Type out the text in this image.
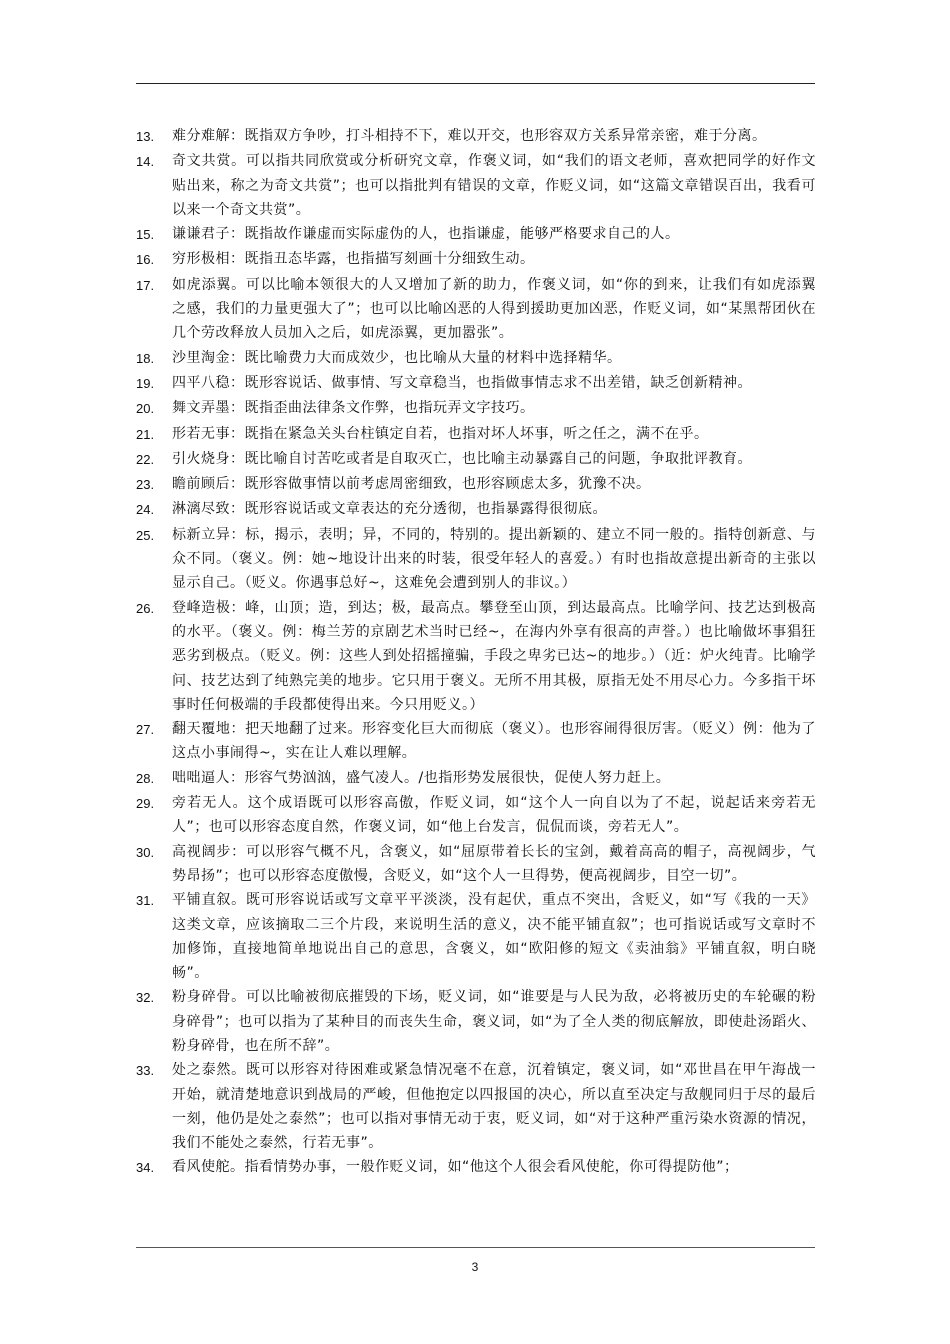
13.	难分难解：既指双方争吵，打斗相持不下，难以开交，也形容双方关系异常亲密，难于分离。
14.	奇文共赏。可以指共同欣赏或分析研究文章，作褒义词，如“我们的语文老师，喜欢把同学的好作文贴出来，称之为奇文共赏”；也可以指批判有错误的文章，作贬义词，如“这篇文章错误百出，我看可以来一个奇文共赏”。
15.	谦谦君子：既指故作谦虚而实际虚伪的人，也指谦虚，能够严格要求自己的人。
16.	穷形极相：既指丑态毕露，也指描写刻画十分细致生动。
17.	如虎添翼。可以比喻本领很大的人又增加了新的助力，作褒义词，如“你的到来，让我们有如虎添翼之感，我们的力量更强大了”；也可以比喻凶恶的人得到援助更加凶恶，作贬义词，如“某黑帮团伙在几个劳改释放人员加入之后，如虎添翼，更加嚣张”。
18.	沙里淘金：既比喻费力大而成效少，也比喻从大量的材料中选择精华。
19.	四平八稳：既形容说话、做事情、写文章稳当，也指做事情志求不出差错，缺乏创新精神。
20.	舞文弄墨：既指歪曲法律条文作弊，也指玩弄文字技巧。
21.	形若无事：既指在紧急关头台柱镇定自若，也指对坏人坏事，听之任之，满不在乎。
22.	引火烧身：既比喻自讨苦吃或者是自取灭亡，也比喻主动暴露自己的问题，争取批评教育。
23.	瞻前顾后：既形容做事情以前考虑周密细致，也形容顾虑太多，犹豫不决。
24.	淋漓尽致：既形容说话或文章表达的充分透彻，也指暴露得很彻底。
25.	标新立异：标，揭示，表明；异，不同的，特别的。提出新颖的、建立不同一般的。指特创新意、与众不同。（褒义。例：她~地设计出来的时装，很受年轻人的喜爱。）有时也指故意提出新奇的主张以显示自己。（贬义。你遇事总好~，这难免会遭到别人的非议。）
26.	登峰造极：峰，山顶；造，到达；极，最高点。攀登至山顶，到达最高点。比喻学问、技艺达到极高的水平。（褒义。例：梅兰芳的京剧艺术当时已经~，在海内外享有很高的声誉。）也比喻做坏事猖狂恶劣到极点。（贬义。例：这些人到处招摇撞骗，手段之卑劣已达~的地步。）（近：炉火纯青。比喻学问、技艺达到了纯熟完美的地步。它只用于褒义。无所不用其极，原指无处不用尽心力。今多指干坏事时任何极端的手段都使得出来。今只用贬义。）
27.	翻天覆地：把天地翻了过来。形容变化巨大而彻底（褒义）。也形容闹得很厉害。（贬义）例：他为了这点小事闹得~，实在让人难以理解。
28.	咄咄逼人：形容气势汹汹，盛气凌人。/也指形势发展很快，促使人努力赶上。
29.	旁若无人。这个成语既可以形容高傲，作贬义词，如“这个人一向自以为了不起，说起话来旁若无人”；也可以形容态度自然，作褒义词，如“他上台发言，侃侃而谈，旁若无人”。
30.	高视阔步：可以形容气概不凡，含褒义，如“屈原带着长长的宝剑，戴着高高的帽子，高视阔步，气势昂扬”；也可以形容态度傲慢，含贬义，如“这个人一旦得势，便高视阔步，目空一切”。
31.	平铺直叙。既可形容说话或写文章平平淡淡，没有起伏，重点不突出，含贬义，如“写《我的一天》这类文章，应该摘取二三个片段，来说明生活的意义，决不能平铺直叙”；也可指说话或写文章时不加修饰，直接地简单地说出自己的意思，含褒义，如“欧阳修的短文《卖油翁》平铺直叙，明白晓畅”。
32.	粉身碎骨。可以比喻被彻底摧毁的下场，贬义词，如“谁要是与人民为敌，必将被历史的车轮碾的粉身碎骨”；也可以指为了某种目的而丧失生命，褒义词，如“为了全人类的彻底解放，即使赴汤蹈火、粉身碎骨，也在所不辞”。
33.	处之泰然。既可以形容对待困难或紧急情况毫不在意，沉着镇定，褒义词，如“邓世昌在甲午海战一开始，就清楚地意识到战局的严峻，但他抱定以四报国的决心，所以直至决定与敌舰同归于尽的最后一刻，他仍是处之泰然”；也可以指对事情无动于衷，贬义词，如“对于这种严重污染水资源的情况，我们不能处之泰然，行若无事”。
34.	看风使舵。指看情势办事，一般作贬义词，如“他这个人很会看风使舵，你可得提防他”；
3
